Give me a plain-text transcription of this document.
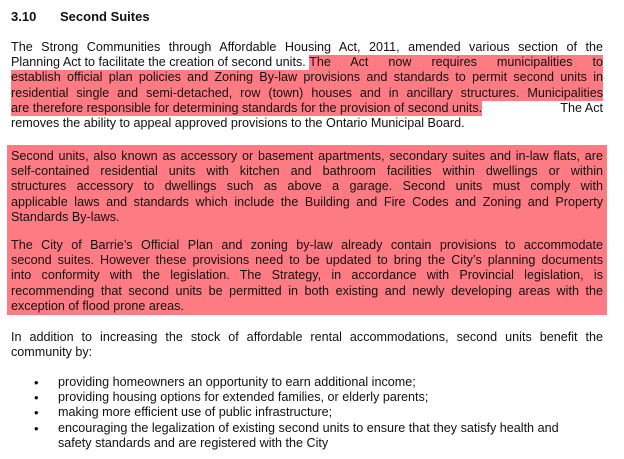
3.10 Second Suites
The Strong Communities through Affordable Housing Act, 2011, amended various section of the
Planning Act to facilitate the creation of second units. The Act now requires municipalities to
establish official plan policies and Zoning By-law provisions and standards to permit second units in
residential single and semi-detached, row (town) houses and in ancillary structures. Municipalities
are therefore responsible for determining standards for the provision of second units.	The Act
removes the ability to appeal approved provisions to the Ontario Municipal Board.
Second units, also known as accessory or basement apartments, secondary suites and in-law flats, are
self-contained residential units with kitchen and bathroom facilities within dwellings or within
structures accessory to dwellings such as above a garage. Second units must comply with
applicable laws and standards which include the Building and Fire Codes and Zoning and Property
Standards By-laws.
The City of Barrie’s Official Plan and zoning by-law already contain provisions to accommodate
second suites. However these provisions need to be updated to bring the City’s planning documents
into conformity with the legislation. The Strategy, in accordance with Provincial legislation, is
recommending that second units be permitted in both existing and newly developing areas with the
exception of flood prone areas.
In addition to increasing the stock of affordable rental accommodations, second units benefit the
community by:
• providing homeowners an opportunity to earn additional income;
• providing housing options for extended families, or elderly parents;
• making more efficient use of public infrastructure;
• encouraging the legalization of existing second units to ensure that they satisfy health and
safety standards and are registered with the City
